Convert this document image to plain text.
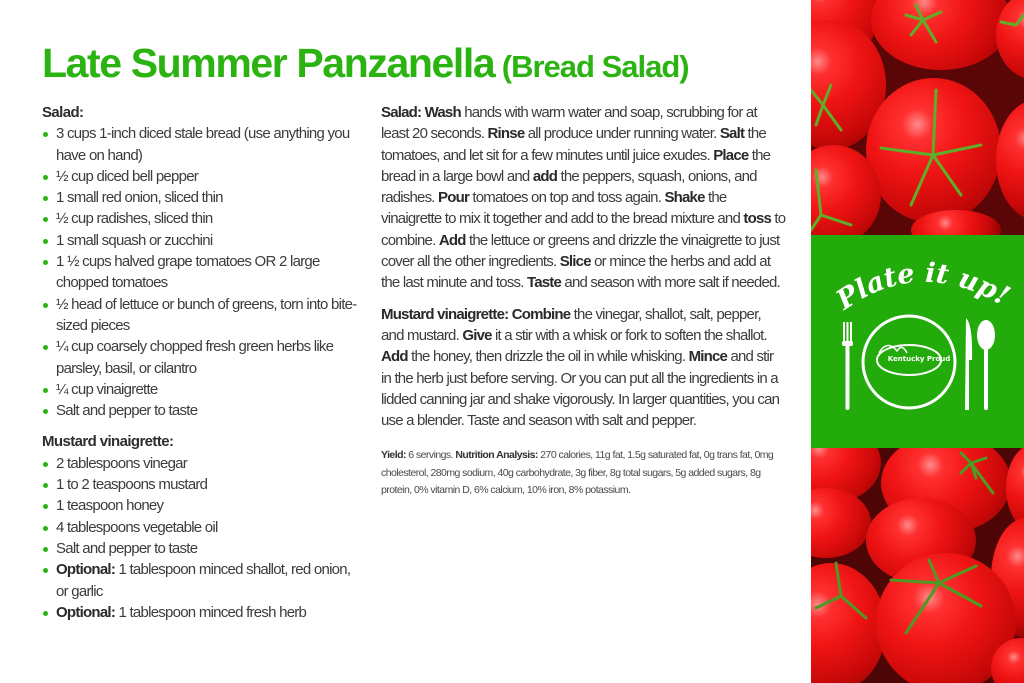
Late Summer Panzanella (Bread Salad)
Salad:
3 cups 1-inch diced stale bread (use anything you have on hand)
½ cup diced bell pepper
1 small red onion, sliced thin
½ cup radishes, sliced thin
1 small squash or zucchini
1 ½ cups halved grape tomatoes OR 2 large chopped tomatoes
½ head of lettuce or bunch of greens, torn into bite-sized pieces
¼ cup coarsely chopped fresh green herbs like parsley, basil, or cilantro
¼ cup vinaigrette
Salt and pepper to taste
Mustard vinaigrette:
2 tablespoons vinegar
1 to 2 teaspoons mustard
1 teaspoon honey
4 tablespoons vegetable oil
Salt and pepper to taste
Optional: 1 tablespoon minced shallot, red onion, or garlic
Optional: 1 tablespoon minced fresh herb

Salad: Wash hands with warm water and soap, scrubbing for at least 20 seconds. Rinse all produce under running water. Salt the tomatoes, and let sit for a few minutes until juice exudes. Place the bread in a large bowl and add the peppers, squash, onions, and radishes. Pour tomatoes on top and toss again. Shake the vinaigrette to mix it together and add to the bread mixture and toss to combine. Add the lettuce or greens and drizzle the vinaigrette to just cover all the other ingredients. Slice or mince the herbs and add at the last minute and toss. Taste and season with more salt if needed.

Mustard vinaigrette: Combine the vinegar, shallot, salt, pepper, and mustard. Give it a stir with a whisk or fork to soften the shallot. Add the honey, then drizzle the oil in while whisking. Mince and stir in the herb just before serving. Or you can put all the ingredients in a lidded canning jar and shake vigorously. In larger quantities, you can use a blender. Taste and season with salt and pepper.

Yield: 6 servings. Nutrition Analysis: 270 calories, 11g fat, 1.5g saturated fat, 0g trans fat, 0mg cholesterol, 280mg sodium, 40g carbohydrate, 3g fiber, 8g total sugars, 5g added sugars, 8g protein, 0% vitamin D, 6% calcium, 10% iron, 8% potassium.
Plate it up!
Kentucky Proud
